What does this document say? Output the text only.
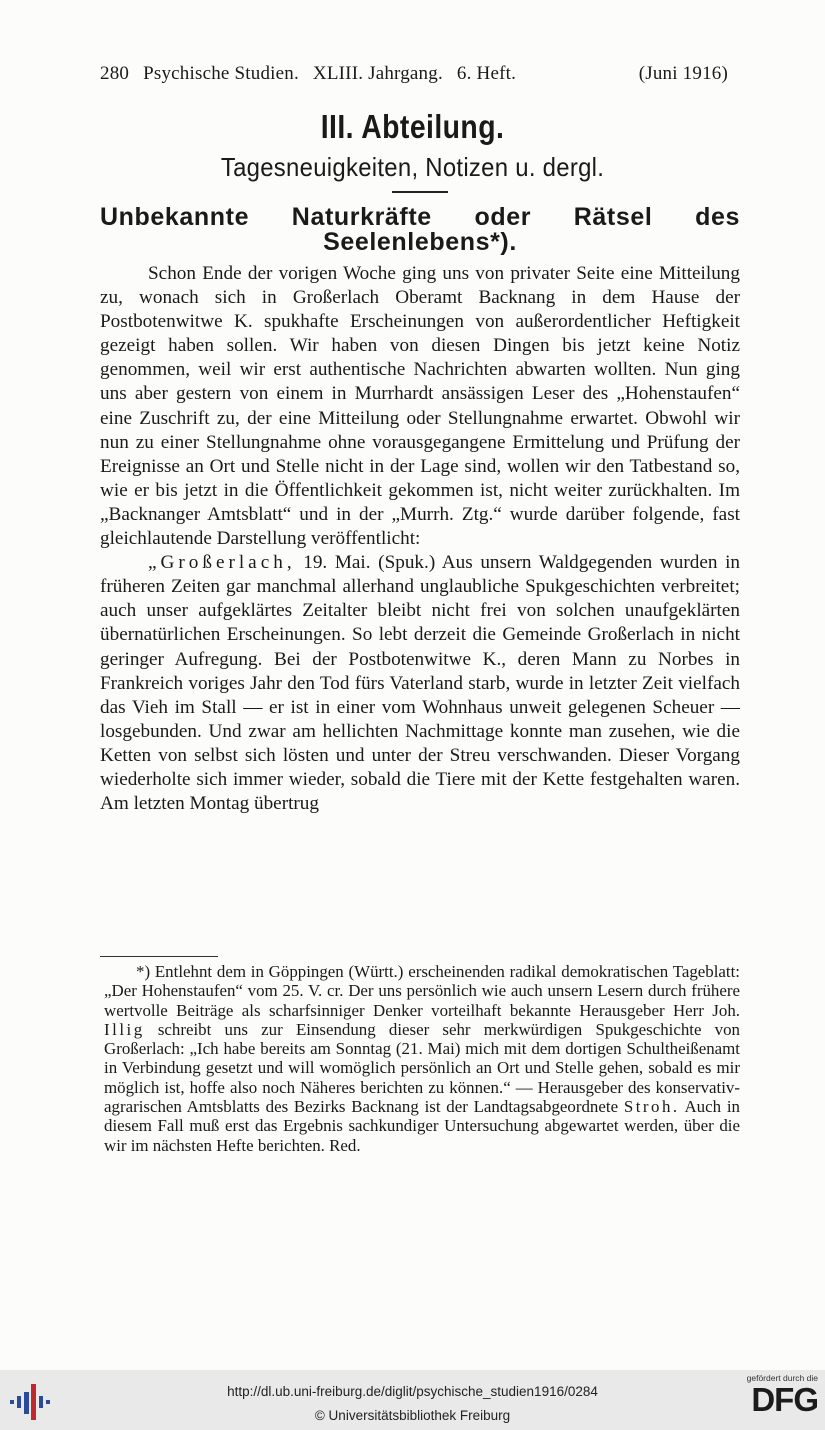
280 Psychische Studien. XLIII. Jahrgang. 6. Heft.	(Juni 1916)
III. Abteilung.
Tagesneuigkeiten, Notizen u. dergl.
Unbekannte Naturkräfte oder Rätsel des
Seelenlebens*).

Schon Ende der vorigen Woche ging uns von privater Seite eine Mitteilung zu, wonach sich in Großerlach Oberamt Backnang in dem Hause der Postbotenwitwe K. spukhafte Erscheinungen von außerordentlicher Heftigkeit gezeigt haben sollen. Wir haben von diesen Dingen bis jetzt keine Notiz genommen, weil wir erst authentische Nachrichten abwarten wollten. Nun ging uns aber gestern von einem in Murrhardt ansässigen Leser des „Hohenstaufen“ eine Zuschrift zu, der eine Mitteilung oder Stellungnahme erwartet. Obwohl wir nun zu einer Stellungnahme ohne vorausgegangene Ermittelung und Prüfung der Ereignisse an Ort und Stelle nicht in der Lage sind, wollen wir den Tatbestand so, wie er bis jetzt in die Öffentlichkeit gekommen ist, nicht weiter zurückhalten. Im „Backnanger Amtsblatt“ und in der „Murrh. Ztg.“ wurde darüber folgende, fast gleichlautende Darstellung veröffentlicht:

„Großerlach, 19. Mai. (Spuk.) Aus unsern Waldgegenden wurden in früheren Zeiten gar manchmal allerhand unglaubliche Spukgeschichten verbreitet; auch unser aufgeklärtes Zeitalter bleibt nicht frei von solchen unaufgeklärten übernatürlichen Erscheinungen. So lebt derzeit die Gemeinde Großerlach in nicht geringer Aufregung. Bei der Postbotenwitwe K., deren Mann zu Norbes in Frankreich voriges Jahr den Tod fürs Vaterland starb, wurde in letzter Zeit vielfach das Vieh im Stall — er ist in einer vom Wohnhaus unweit gelegenen Scheuer — losgebunden. Und zwar am hellichten Nachmittage konnte man zusehen, wie die Ketten von selbst sich lösten und unter der Streu verschwanden. Dieser Vorgang wiederholte sich immer wieder, sobald die Tiere mit der Kette festgehalten waren. Am letzten Montag übertrug

*) Entlehnt dem in Göppingen (Württ.) erscheinenden radikal demokratischen Tageblatt: „Der Hohenstaufen“ vom 25. V. cr. Der uns persönlich wie auch unsern Lesern durch frühere wertvolle Beiträge als scharfsinniger Denker vorteilhaft bekannte Herausgeber Herr Joh. Illig schreibt uns zur Einsendung dieser sehr merkwürdigen Spukgeschichte von Großerlach: „Ich habe bereits am Sonntag (21. Mai) mich mit dem dortigen Schultheißenamt in Verbindung gesetzt und will womöglich persönlich an Ort und Stelle gehen, sobald es mir möglich ist, hoffe also noch Näheres berichten zu können.“ — Herausgeber des konservativ-agrarischen Amtsblatts des Bezirks Backnang ist der Landtagsabgeordnete Stroh. Auch in diesem Fall muß erst das Ergebnis sachkundiger Untersuchung abgewartet werden, über die wir im nächsten Hefte berichten. Red.

http://dl.ub.uni-freiburg.de/diglit/psychische_studien1916/0284
© Universitätsbibliothek Freiburg
gefördert durch die
DFG
